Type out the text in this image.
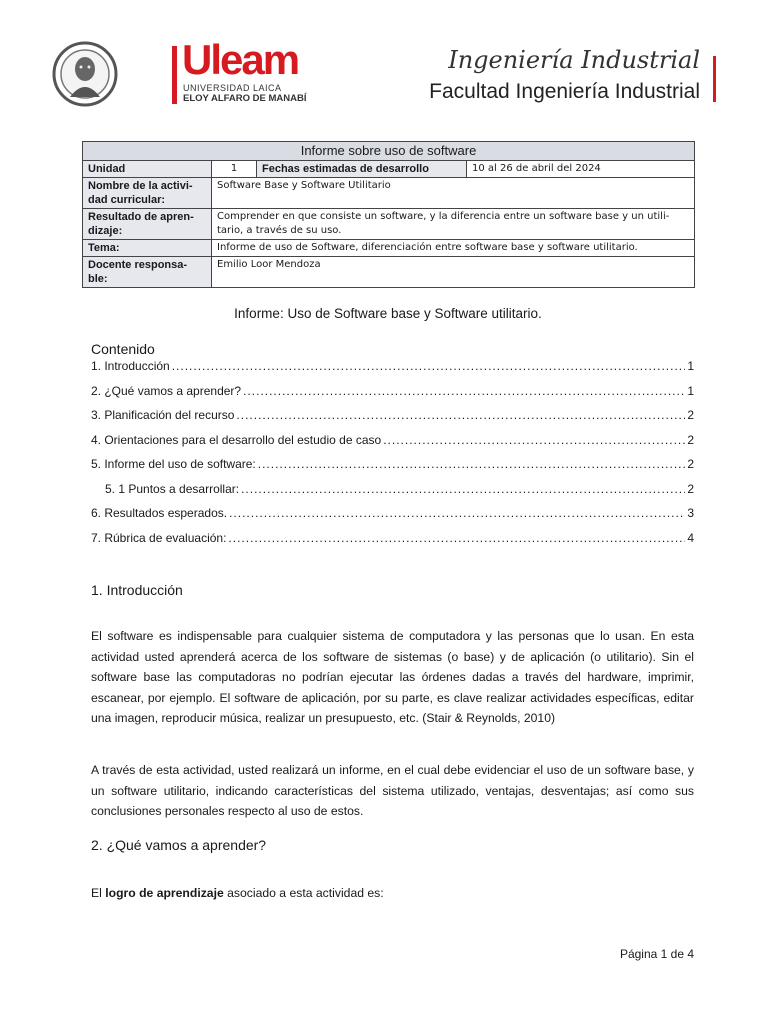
Uleam
UNIVERSIDAD LAICA
ELOY ALFARO DE MANABÍ
Ingeniería Industrial
Facultad Ingeniería Industrial
Informe sobre uso de software			
Unidad	1	Fechas estimadas de desarrollo	10 al 26 de abril del 2024
Nombre de la activi-dad curricular:	Software Base y Software Utilitario		
Resultado de apren-dizaje:	Comprender en que consiste un software, y la diferencia entre un software base y un utili-tario, a través de su uso.		
Tema:	Informe de uso de Software, diferenciación entre software base y software utilitario.		
Docente responsa-ble:	Emilio Loor Mendoza		
Informe: Uso de Software base y Software utilitario.
Contenido
1. Introducción .....	1
2. ¿Qué vamos a aprender? .....	1
3. Planificación del recurso .....	2
4. Orientaciones para el desarrollo del estudio de caso .....	2
5. Informe del uso de software: .....	2
5. 1 Puntos a desarrollar: .....	2
6. Resultados esperados. .....	3
7. Rúbrica de evaluación: .....	4
1. Introducción

El software es indispensable para cualquier sistema de computadora y las personas que lo usan. En esta actividad usted aprenderá acerca de los software de sistemas (o base) y de aplicación (o utilitario). Sin el software base las computadoras no podrían ejecutar las órdenes dadas a través del hardware, imprimir, escanear, por ejemplo. El software de aplicación, por su parte, es clave realizar actividades específicas, editar una imagen, reproducir música, realizar un presupuesto, etc. (Stair & Reynolds, 2010)

A través de esta actividad, usted realizará un informe, en el cual debe evidenciar el uso de un software base, y un software utilitario, indicando características del sistema utilizado, ventajas, desventajas; así como sus conclusiones personales respecto al uso de estos.

2. ¿Qué vamos a aprender?

El logro de aprendizaje asociado a esta actividad es:

Página 1 de 4
